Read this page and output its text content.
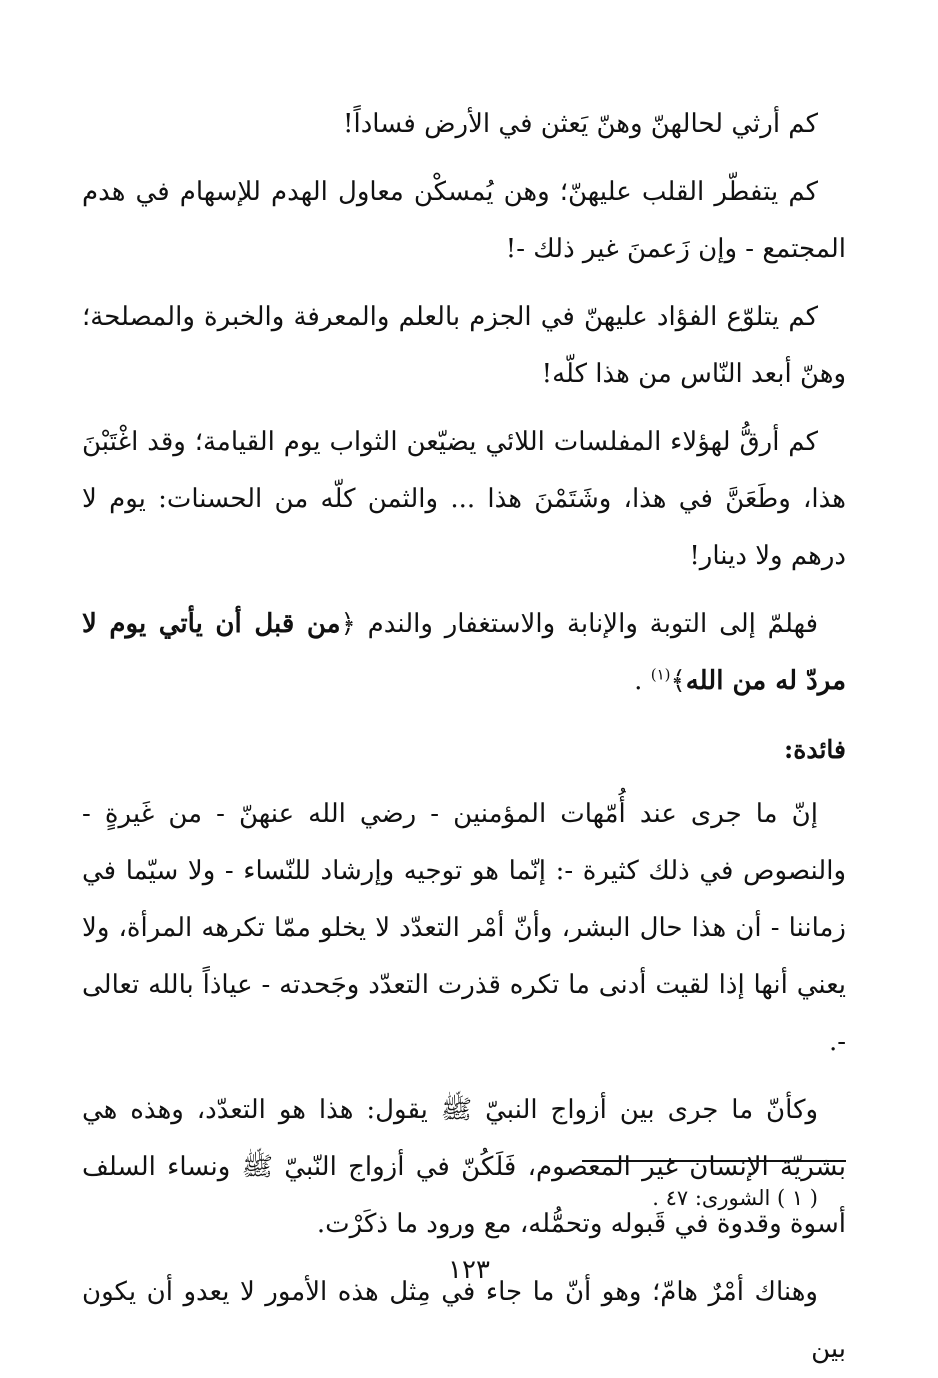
كم أرثي لحالهنّ وهنّ يَعثن في الأرض فساداً!

كم يتفطّر القلب عليهنّ؛ وهن يُمسكْن معاول الهدم للإسهام في هدم المجتمع - وإن زَعمنَ غير ذلك -!

كم يتلوّع الفؤاد عليهنّ في الجزم بالعلم والمعرفة والخبرة والمصلحة؛ وهنّ أبعد النّاس من هذا كلّه!

كم أرقُّ لهؤلاء المفلسات اللائي يضيّعن الثواب يوم القيامة؛ وقد اغْتَبْنَ هذا، وطَعَنَّ في هذا، وشَتَمْنَ هذا ... والثمن كلّه من الحسنات: يوم لا درهم ولا دينار!

فهلمّ إلى التوبة والإنابة والاستغفار والندم ﴿من قبل أن يأتي يوم لا مردّ له من الله﴾$^{(١)}$ .

فائدة:

إنّ ما جرى عند أُمّهات المؤمنين - رضي الله عنهنّ - من غَيرةٍ - والنصوص في ذلك كثيرة -: إنّما هو توجيه وإرشاد للنّساء - ولا سيّما في زماننا - أن هذا حال البشر، وأنّ أمْر التعدّد لا يخلو ممّا تكرهه المرأة، ولا يعني أنها إذا لقيت أدنى ما تكره قذرت التعدّد وجَحدته - عياذاً بالله تعالى -.

وكأنّ ما جرى بين أزواج النبيّ ﷺ يقول: هذا هو التعدّد، وهذه هي بشريّة الإنسان غير المعصوم، فَلَكُنّ في أزواج النّبيّ ﷺ ونساء السلف أسوة وقدوة في قَبوله وتحمُّله، مع ورود ما ذكَرْت.

وهناك أمْرٌ هامّ؛ وهو أنّ ما جاء في مِثل هذه الأمور لا يعدو أن يكون بين

( ١ ) الشورى: ٤٧ .
١٢٣
